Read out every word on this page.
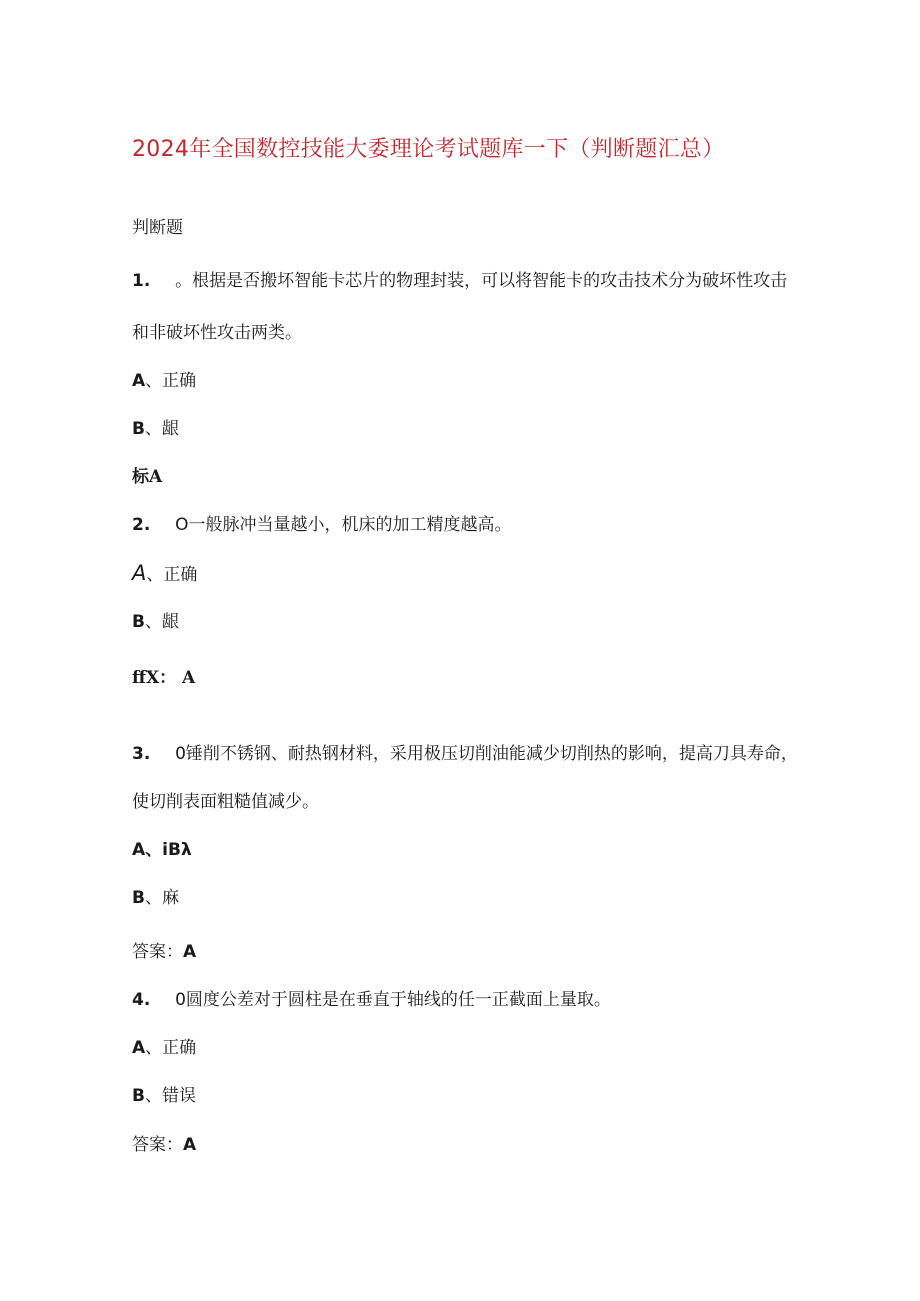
2024年全国数控技能大委理论考试题库一下（判断题汇总）
判断题
1. 。根据是否搬坏智能卡芯片的物理封装，可以将智能卡的攻击技术分为破坏性攻击
和非破坏性攻击两类。
A、正确
B、龈
标A
2. O一般脉冲当量越小，机床的加工精度越高。
A、正确
B、龈
ffX： A
3. 0锤削不锈钢、耐热钢材料，采用极压切削油能减少切削热的影响，提高刀具寿命，
使切削表面粗糙值减少。
A、iBλ
B、麻
答案：A
4. 0圆度公差对于圆柱是在垂直于轴线的任一正截面上量取。
A、正确
B、错误
答案：A
